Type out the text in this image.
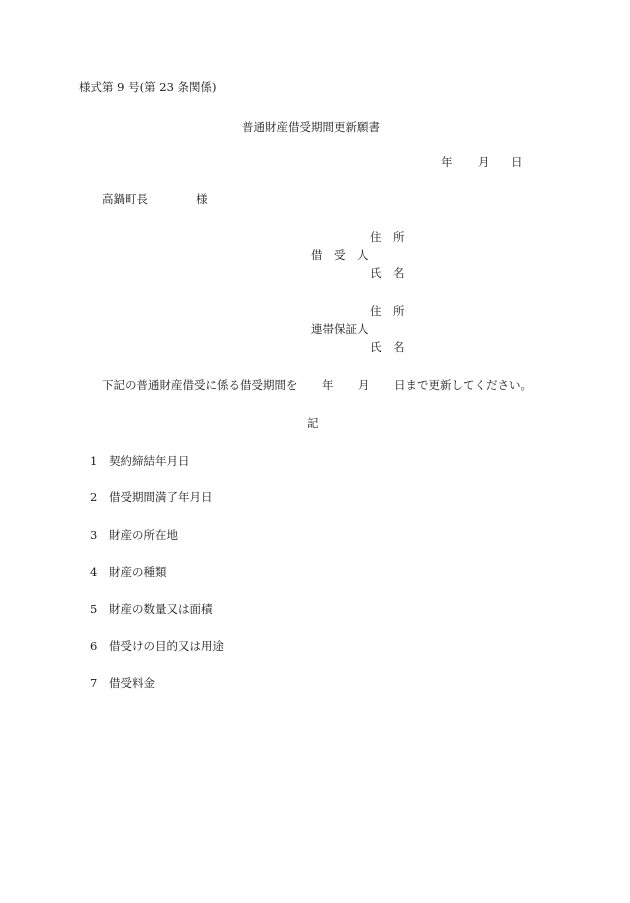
様式第 9 号(第 23 条関係)
普通財産借受期間更新願書
年 月 日
高鍋町長	様
住　所
借　受　人
氏　名
住　所
連帯保証人
氏　名
下記の普通財産借受に係る借受期間を 年 月 日まで更新してください。
記
1 契約締結年月日
2 借受期間満了年月日
3 財産の所在地
4 財産の種類
5 財産の数量又は面積
6 借受けの目的又は用途
7 借受料金
